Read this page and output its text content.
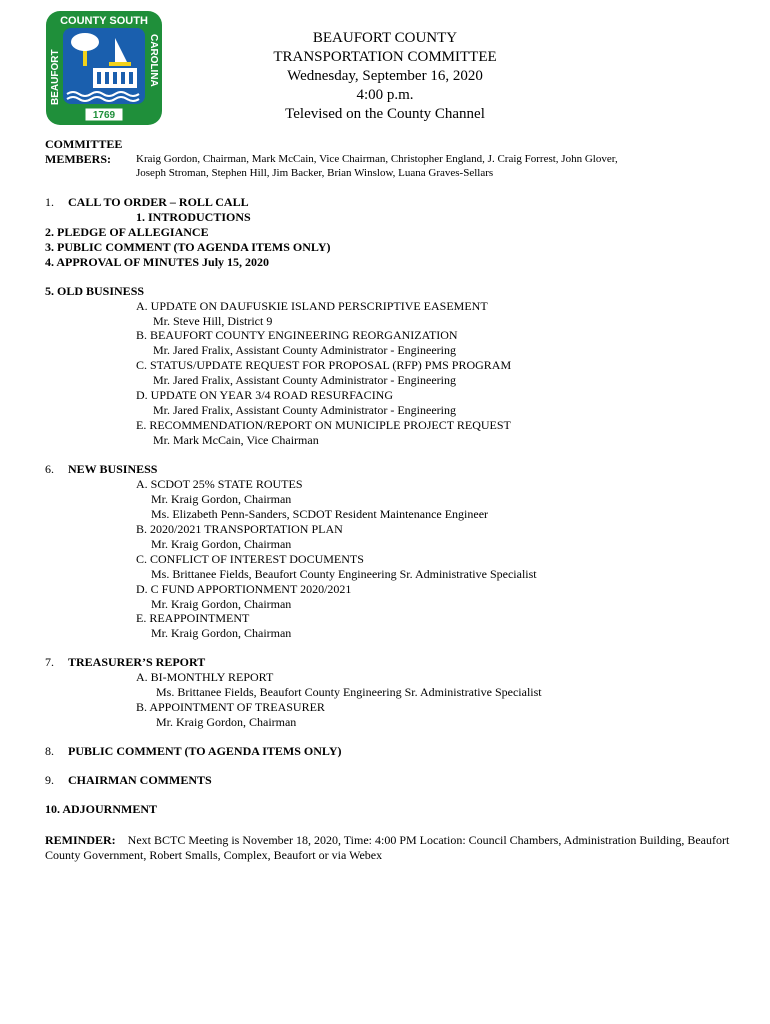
COUNTY SOUTH
BEAUFORT	CAROLINA
1769
BEAUFORT COUNTY
TRANSPORTATION COMMITTEE
Wednesday, September 16, 2020
4:00 p.m.
Televised on the County Channel
COMMITTEE
MEMBERS: Kraig Gordon, Chairman, Mark McCain, Vice Chairman, Christopher England, J. Craig Forrest, John Glover,
Joseph Stroman, Stephen Hill, Jim Backer, Brian Winslow, Luana Graves-Sellars
1. CALL TO ORDER – ROLL CALL
1. INTRODUCTIONS
2. PLEDGE OF ALLEGIANCE
3. PUBLIC COMMENT (TO AGENDA ITEMS ONLY)
4. APPROVAL OF MINUTES July 15, 2020
5. OLD BUSINESS
A. UPDATE ON DAUFUSKIE ISLAND PERSCRIPTIVE EASEMENT
Mr. Steve Hill, District 9
B. BEAUFORT COUNTY ENGINEERING REORGANIZATION
Mr. Jared Fralix, Assistant County Administrator - Engineering
C. STATUS/UPDATE REQUEST FOR PROPOSAL (RFP) PMS PROGRAM
Mr. Jared Fralix, Assistant County Administrator - Engineering
D. UPDATE ON YEAR 3/4 ROAD RESURFACING
Mr. Jared Fralix, Assistant County Administrator - Engineering
E. RECOMMENDATION/REPORT ON MUNICIPLE PROJECT REQUEST
Mr. Mark McCain, Vice Chairman
6. NEW BUSINESS
A. SCDOT 25% STATE ROUTES
Mr. Kraig Gordon, Chairman
Ms. Elizabeth Penn-Sanders, SCDOT Resident Maintenance Engineer
B. 2020/2021 TRANSPORTATION PLAN
Mr. Kraig Gordon, Chairman
C. CONFLICT OF INTEREST DOCUMENTS
Ms. Brittanee Fields, Beaufort County Engineering Sr. Administrative Specialist
D. C FUND APPORTIONMENT 2020/2021
Mr. Kraig Gordon, Chairman
E. REAPPOINTMENT
Mr. Kraig Gordon, Chairman
7. TREASURER’S REPORT
A. BI-MONTHLY REPORT
Ms. Brittanee Fields, Beaufort County Engineering Sr. Administrative Specialist
B. APPOINTMENT OF TREASURER
Mr. Kraig Gordon, Chairman
8. PUBLIC COMMENT (TO AGENDA ITEMS ONLY)
9. CHAIRMAN COMMENTS
10. ADJOURNMENT
REMINDER: Next BCTC Meeting is November 18, 2020, Time: 4:00 PM Location: Council Chambers, Administration Building, Beaufort County Government, Robert Smalls, Complex, Beaufort or via Webex
